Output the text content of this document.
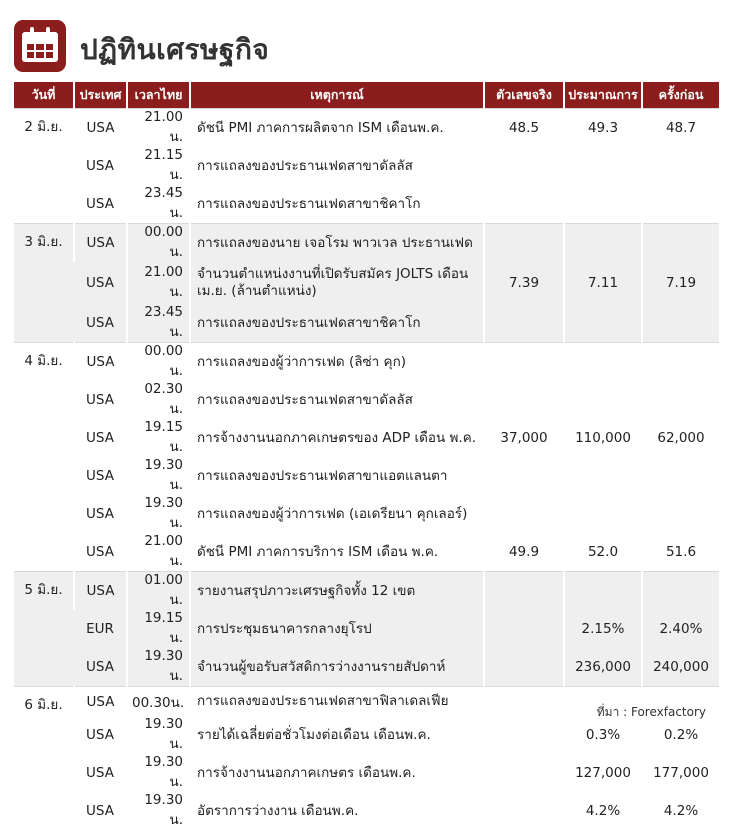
ปฏิทินเศรษฐกิจ
วันที่	ประเทศ	เวลาไทย	เหตุการณ์	ตัวเลขจริง	ประมาณการ	ครั้งก่อน
2 มิ.ย.	USA	21.00 น.	ดัชนี PMI ภาคการผลิตจาก ISM เดือนพ.ค.	48.5	49.3	48.7
	USA	21.15 น.	การแถลงของประธานเฟดสาขาดัลลัส			
	USA	23.45 น.	การแถลงของประธานเฟดสาขาชิคาโก			
3 มิ.ย.	USA	00.00 น.	การแถลงของนาย เจอโรม พาวเวล ประธานเฟด			
	USA	21.00 น.	จำนวนตำแหน่งงานที่เปิดรับสมัคร JOLTS เดือนเม.ย. (ล้านตำแหน่ง)	7.39	7.11	7.19
	USA	23.45 น.	การแถลงของประธานเฟดสาขาชิคาโก			
4 มิ.ย.	USA	00.00 น.	การแถลงของผู้ว่าการเฟด (ลิซ่า คุก)			
	USA	02.30 น.	การแถลงของประธานเฟดสาขาดัลลัส			
	USA	19.15 น.	การจ้างงานนอกภาคเกษตรของ ADP เดือน พ.ค.	37,000	110,000	62,000
	USA	19.30 น.	การแถลงของประธานเฟดสาขาแอตแลนตา			
	USA	19.30 น.	การแถลงของผู้ว่าการเฟด (เอเดรียนา คุกเลอร์)			
	USA	21.00 น.	ดัชนี PMI ภาคการบริการ ISM เดือน พ.ค.	49.9	52.0	51.6
5 มิ.ย.	USA	01.00 น.	รายงานสรุปภาวะเศรษฐกิจทั้ง 12 เขต			
	EUR	19.15 น.	การประชุมธนาคารกลางยุโรป		2.15%	2.40%
	USA	19.30 น.	จำนวนผู้ขอรับสวัสดิการว่างงานรายสัปดาห์		236,000	240,000
6 มิ.ย.	USA	00.30น.	การแถลงของประธานเฟดสาขาฟิลาเดลเฟีย			
	USA	19.30 น.	รายได้เฉลี่ยต่อชั่วโมงต่อเดือน เดือนพ.ค.		0.3%	0.2%
	USA	19.30 น.	การจ้างงานนอกภาคเกษตร เดือนพ.ค.		127,000	177,000
	USA	19.30 น.	อัตราการว่างงาน เดือนพ.ค.		4.2%	4.2%
ที่มา : Forexfactory
